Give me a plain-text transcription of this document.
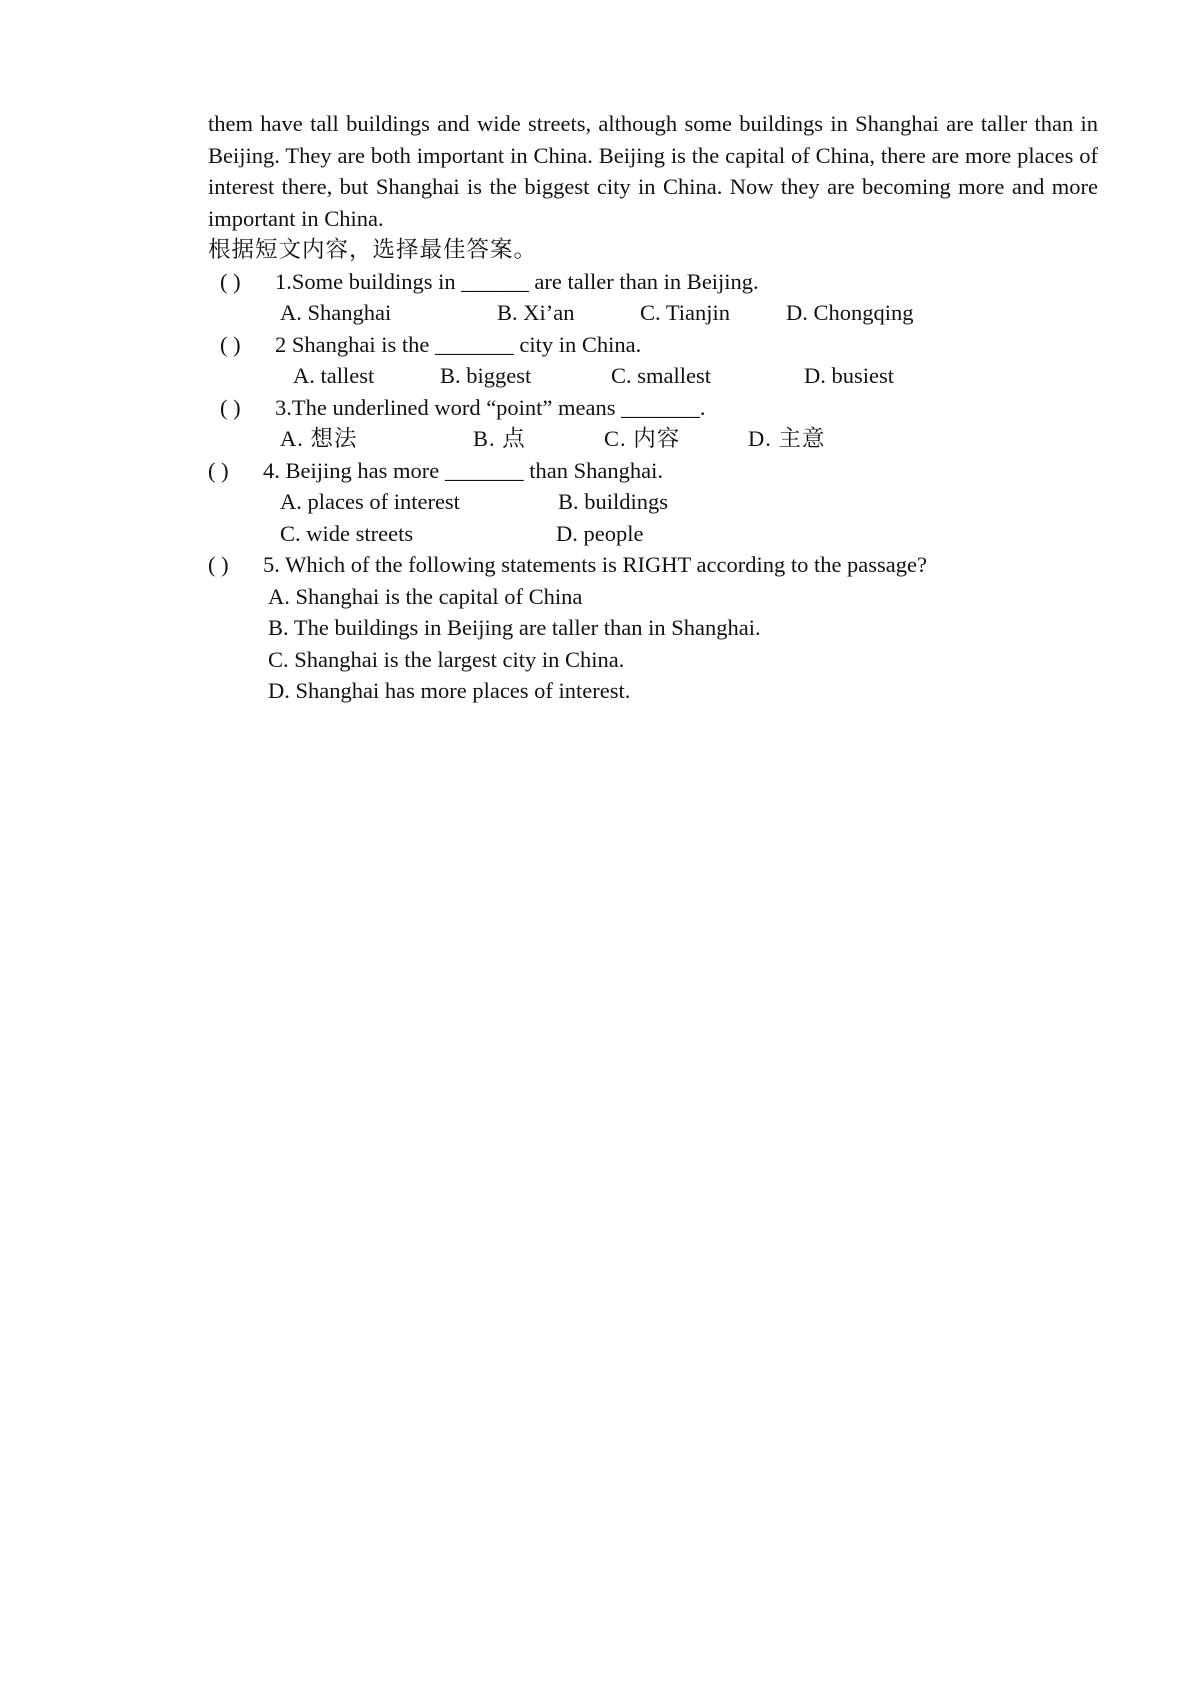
them have tall buildings and wide streets, although some buildings in Shanghai are taller than in Beijing. They are both important in China. Beijing is the capital of China, there are more places of interest there, but Shanghai is the biggest city in China. Now they are becoming more and more important in China.

根据短文内容，选择最佳答案。

( ) 1.Some buildings in ______ are taller than in Beijing.
A. Shanghai	B. Xi’an	C. Tianjin D. Chongqing
( ) 2 Shanghai is the _______ city in China.
A. tallest	B. biggest	C. smallest	D. busiest
( ) 3.The underlined word “point” means _______.
A. 想法	B. 点	C. 内容	D. 主意
( ) 4. Beijing has more _______ than Shanghai.
A. places of interest	B. buildings
C. wide streets	D. people
( ) 5. Which of the following statements is RIGHT according to the passage?
A. Shanghai is the capital of China
B. The buildings in Beijing are taller than in Shanghai.
C. Shanghai is the largest city in China.
D. Shanghai has more places of interest.
